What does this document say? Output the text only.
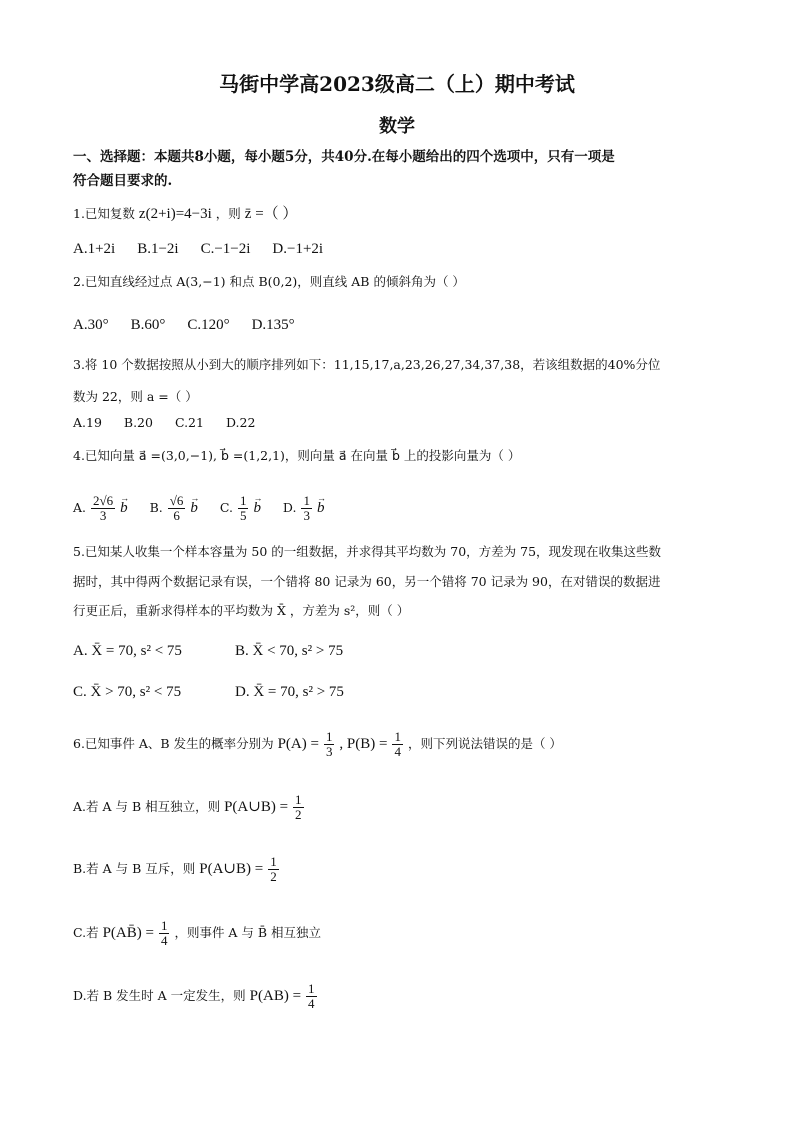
马街中学高2023级高二（上）期中考试
数学
一、选择题：本题共8小题，每小题5分，共40分.在每小题给出的四个选项中，只有一项是
符合题目要求的.
1.已知复数 z(2+i)=4−3i ，则 z̄ =（ ）
A.1+2i B.1−2i C.−1−2i D.−1+2i
2.已知直线经过点 A(3,−1) 和点 B(0,2)，则直线 AB 的倾斜角为（ ）
A.30° B.60° C.120° D.135°
3.将 10 个数据按照从小到大的顺序排列如下：11,15,17,a,23,26,27,34,37,38，若该组数据的40%分位
数为 22，则 a =（ ）
A.19 B.20 C.21 D.22
4.已知向量 a⃗ =(3,0,−1), b⃗ =(1,2,1)，则向量 a⃗ 在向量 b⃗ 上的投影向量为（ ）
A. $\frac{2√6}{3} \to b$ B. $\frac{√6}{6} \to b$ C. $\frac{1}{5} \to b$ D. $\frac{1}{3} \to b$
5.已知某人收集一个样本容量为 50 的一组数据，并求得其平均数为 70，方差为 75，现发现在收集这些数
据时，其中得两个数据记录有误，一个错将 80 记录为 60，另一个错将 70 记录为 90，在对错误的数据进
行更正后，重新求得样本的平均数为 X̄ ，方差为 s²，则（ ）
A. X̄ = 70, s² < 75	B. X̄ < 70, s² > 75
C. X̄ > 70, s² < 75	D. X̄ = 70, s² > 75
6.已知事件 A、B 发生的概率分别为 $P(A) = \frac{1}{3}$ , $P(B) = \frac{1}{4}$ ，则下列说法错误的是（ ）
A.若 A 与 B 相互独立，则 P(A∪B) = $\frac{1}{2}$
B.若 A 与 B 互斥，则 P(A∪B) = $\frac{1}{2}$
C.若 P(AB̄) = $\frac{1}{4}$ ，则事件 A 与 B̄ 相互独立
D.若 B 发生时 A 一定发生，则 $P(AB) = \frac{1}{4}$
